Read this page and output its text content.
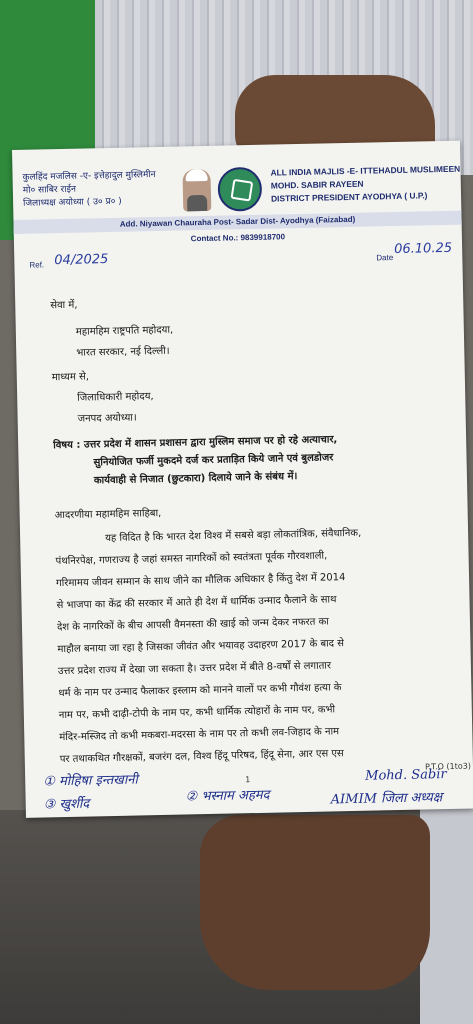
कुलहिंद मजलिस -ए- इत्तेहादुल मुस्लिमीन
मो० साबिर राईन
जिलाध्यक्ष अयोध्या ( उ० प्र० )
ALL INDIA MAJLIS -E- ITTEHADUL MUSLIMEEN
MOHD. SABIR RAYEEN
DISTRICT PRESIDENT AYODHYA ( U.P.)
Add. Niyawan Chauraha Post- Sadar Dist- Ayodhya (Faizabad)
Contact No.: 9839918700
Ref. 04/2025	Date
06.10.25
सेवा में,
महामहिम राष्ट्रपति महोदया,
भारत सरकार, नई दिल्ली।
माध्यम से,
जिलाधिकारी महोदय,
जनपद अयोध्या।
विषय : उत्तर प्रदेश में शासन प्रशासन द्वारा मुस्लिम समाज पर हो रहे अत्याचार,
सुनियोजित फर्जी मुकदमे दर्ज कर प्रताड़ित किये जाने एवं बुलडोजर
कार्यवाही से निजात (छुटकारा) दिलाये जाने के संबंध में।
आदरणीया महामहिम साहिबा,
यह विदित है कि भारत देश विश्व में सबसे बड़ा लोकतांत्रिक, संवैधानिक,
पंथनिरपेक्ष, गणराज्य है जहां समस्त नागरिकों को स्वतंत्रता पूर्वक गौरवशाली,
गरिमामय जीवन सम्मान के साथ जीने का मौलिक अधिकार है किंतु देश में 2014
से भाजपा का केंद्र की सरकार में आते ही देश में धार्मिक उन्माद फैलाने के साथ
देश के नागरिकों के बीच आपसी वैमनस्ता की खाई को जन्म देकर नफरत का
माहौल बनाया जा रहा है जिसका जीवंत और भयावह उदाहरण 2017 के बाद से
उत्तर प्रदेश राज्य में देखा जा सकता है। उत्तर प्रदेश में बीते 8-वर्षों से लगातार
धर्म के नाम पर उन्माद फैलाकर इस्लाम को मानने वालों पर कभी गौवंश हत्या के
नाम पर, कभी दाढ़ी-टोपी के नाम पर, कभी धार्मिक त्योहारों के नाम पर, कभी
मंदिर-मस्जिद तो कभी मकबरा-मदरसा के नाम पर तो कभी लव-जिहाद के नाम
पर तथाकथित गौरक्षकों, बजरंग दल, विश्व हिंदू परिषद, हिंदू सेना, आर एस एस
P.T.O (1to3)
1
① मोहिषा इन्तखानी
③ खुर्शीद	② भस्नाम अहमद
Mohd. Sabir
AIMIM जिला अध्यक्ष
